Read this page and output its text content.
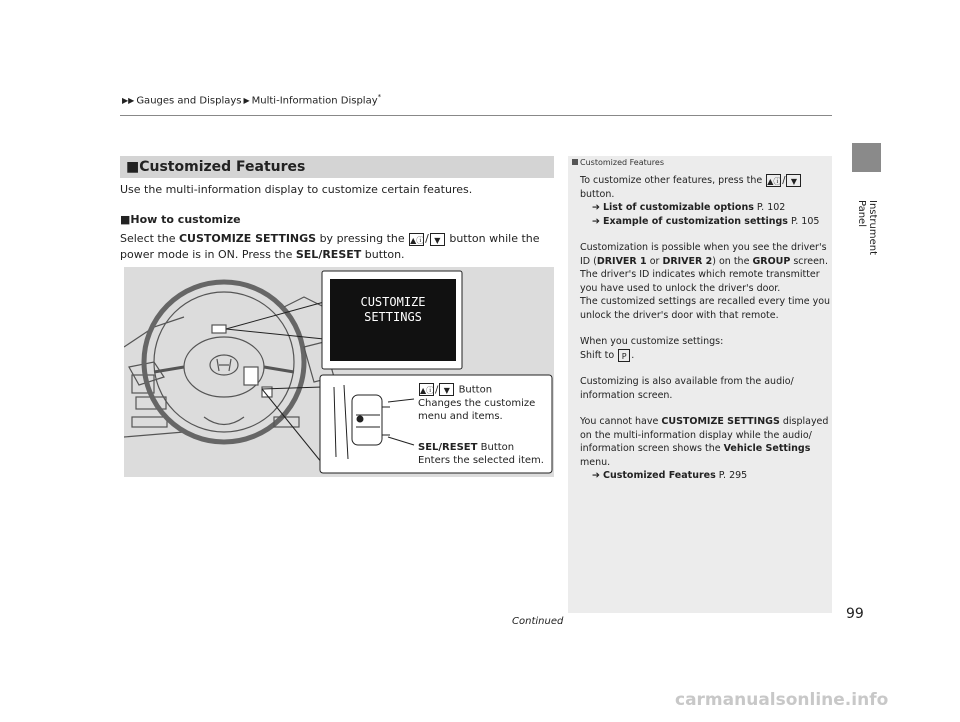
▶▶ Gauges and Displays ▶ Multi-Information Display*
Instrument Panel
■Customized Features
Use the multi-information display to customize certain features.
■How to customize
Select the CUSTOMIZE SETTINGS by pressing the ▲ⓘ/ ▼ button while the
power mode is in ON. Press the SEL/RESET button.
CUSTOMIZE
SETTINGS
▲ⓘ/ ▼ Button
Changes the customize
menu and items.
SEL/RESET Button
Enters the selected item.
Customized Features
To customize other features, press the ▲ⓘ/ ▼
button.
➔ List of customizable options P. 102
➔ Example of customization settings P. 105
Customization is possible when you see the driver's
ID (DRIVER 1 or DRIVER 2) on the GROUP screen.
The driver's ID indicates which remote transmitter
you have used to unlock the driver's door.
The customized settings are recalled every time you
unlock the driver's door with that remote.
When you customize settings:
Shift to P .
Customizing is also available from the audio/
information screen.
You cannot have CUSTOMIZE SETTINGS displayed
on the multi-information display while the audio/
information screen shows the Vehicle Settings
menu.
➔ Customized Features P. 295
Continued	99
carmanualsonline.info
